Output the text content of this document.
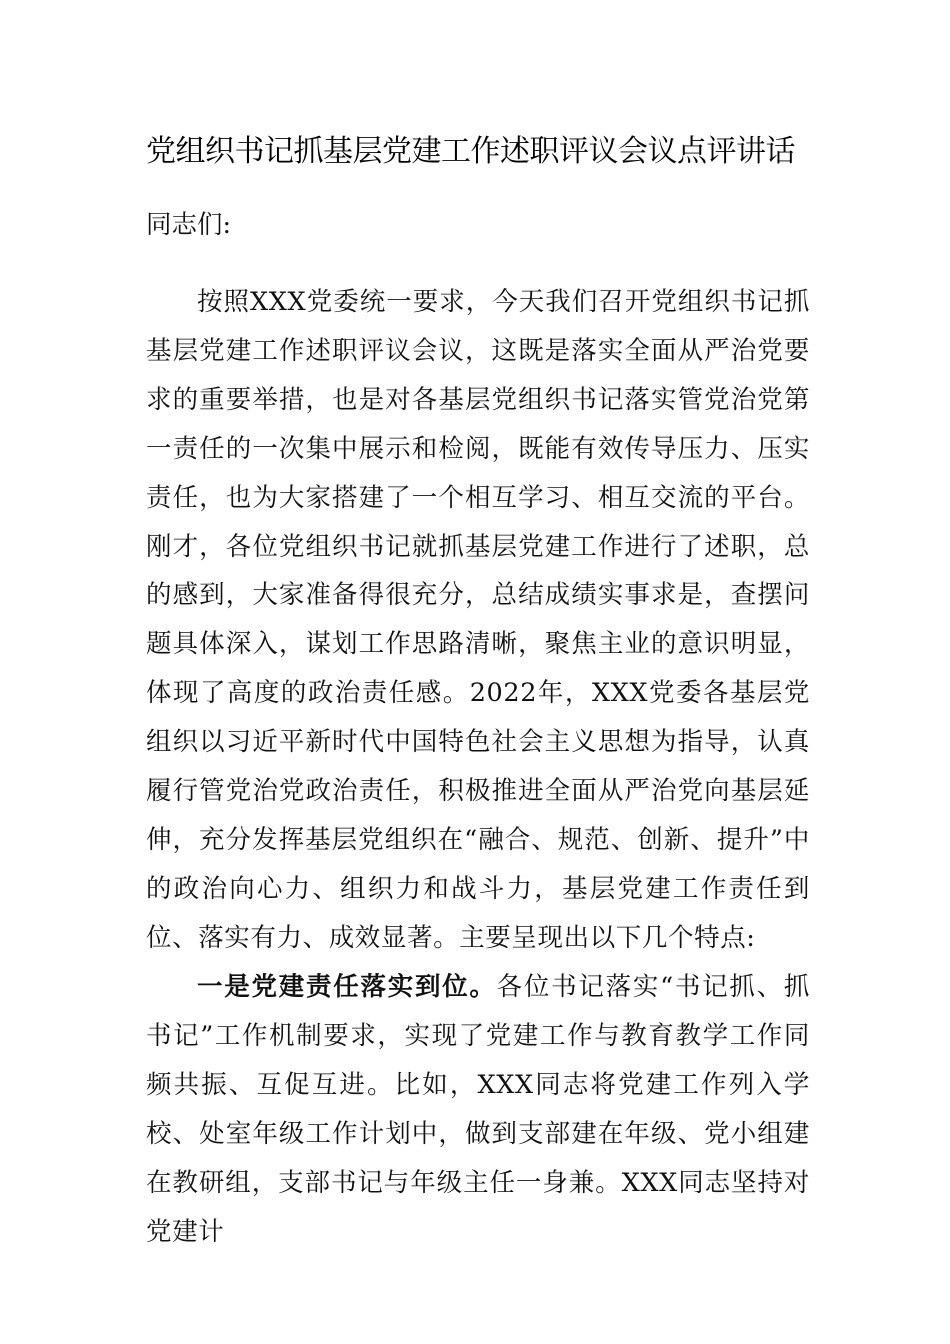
党组织书记抓基层党建工作述职评议会议点评讲话
同志们:
按照XXX党委统一要求，今天我们召开党组织书记抓基层党建工作述职评议会议，这既是落实全面从严治党要求的重要举措，也是对各基层党组织书记落实管党治党第一责任的一次集中展示和检阅，既能有效传导压力、压实责任，也为大家搭建了一个相互学习、相互交流的平台。刚才，各位党组织书记就抓基层党建工作进行了述职，总的感到，大家准备得很充分，总结成绩实事求是，查摆问题具体深入，谋划工作思路清晰，聚焦主业的意识明显，体现了高度的政治责任感。2022年，XXX党委各基层党组织以习近平新时代中国特色社会主义思想为指导，认真履行管党治党政治责任，积极推进全面从严治党向基层延伸，充分发挥基层党组织在“融合、规范、创新、提升”中的政治向心力、组织力和战斗力，基层党建工作责任到位、落实有力、成效显著。主要呈现出以下几个特点:
一是党建责任落实到位。各位书记落实“书记抓、抓书记”工作机制要求，实现了党建工作与教育教学工作同频共振、互促互进。比如，XXX同志将党建工作列入学校、处室年级工作计划中，做到支部建在年级、党小组建在教研组，支部书记与年级主任一身兼。XXX同志坚持对党建计
